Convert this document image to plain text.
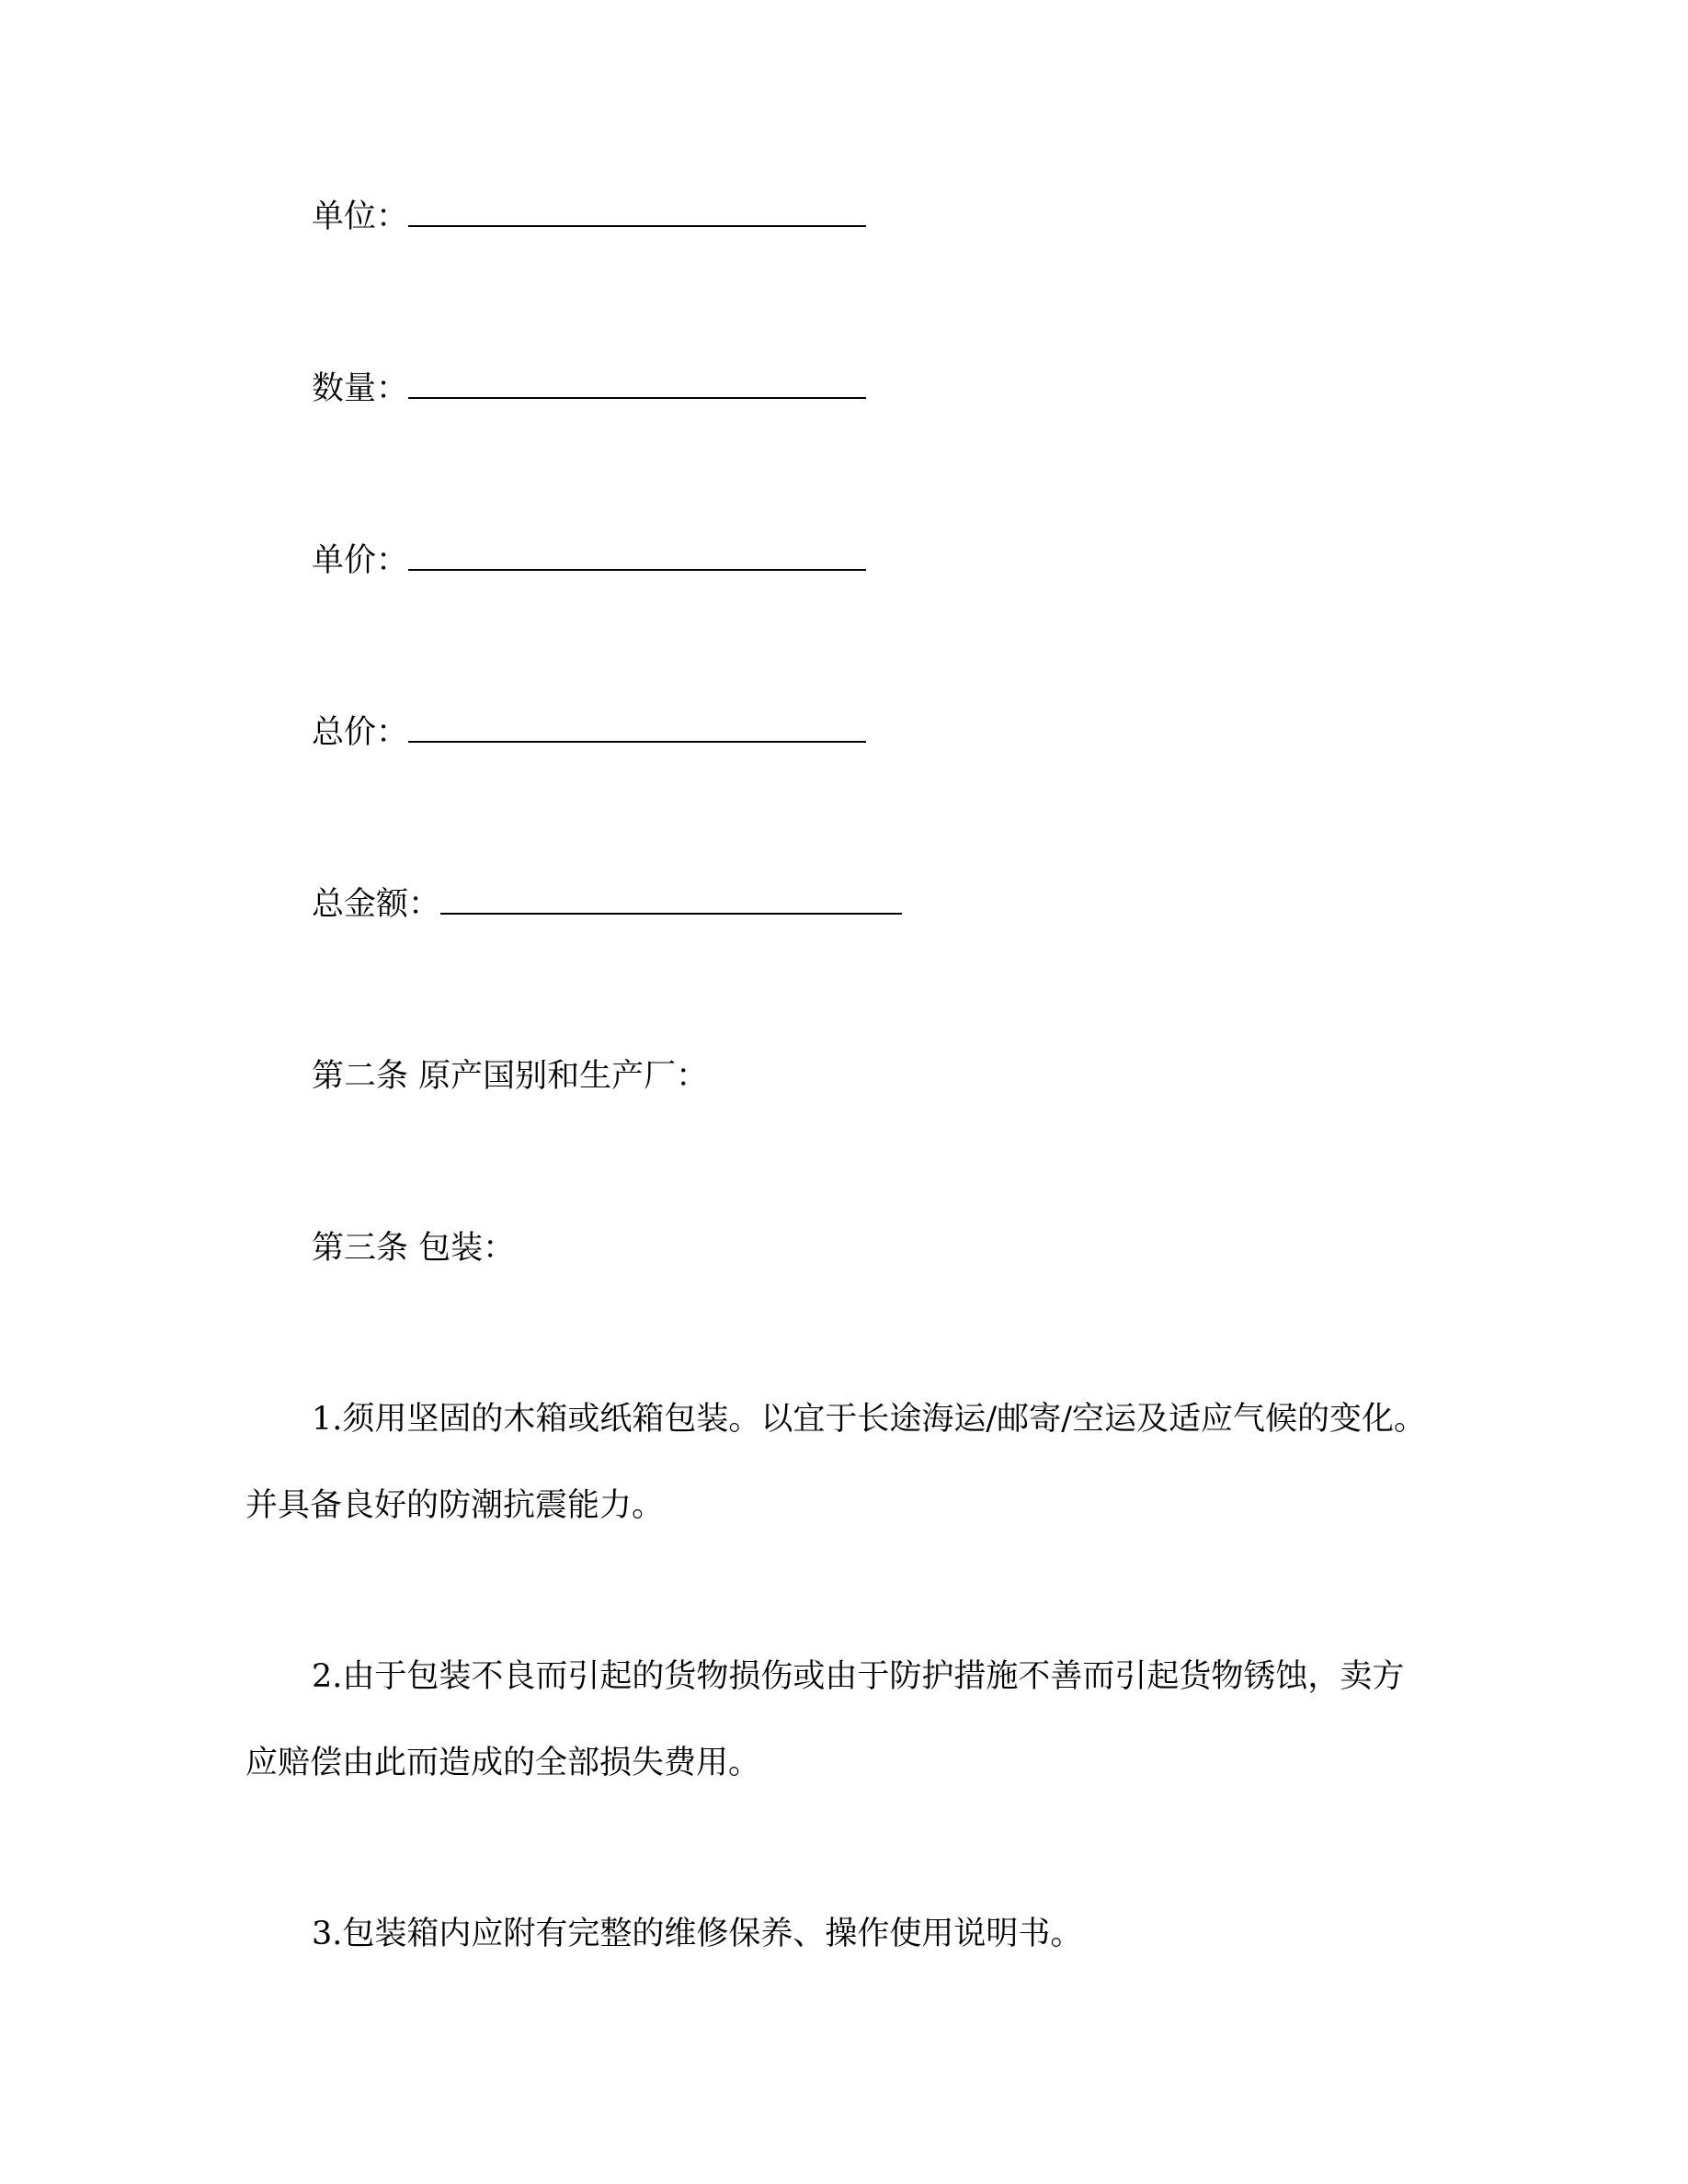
单位：
数量：
单价：
总价：
总金额：
第二条 原产国别和生产厂：
第三条 包装：
1.须用坚固的木箱或纸箱包装。以宜于长途海运/邮寄/空运及适应气候的变化。
并具备良好的防潮抗震能力。
2.由于包装不良而引起的货物损伤或由于防护措施不善而引起货物锈蚀，卖方
应赔偿由此而造成的全部损失费用。
3.包装箱内应附有完整的维修保养、操作使用说明书。
